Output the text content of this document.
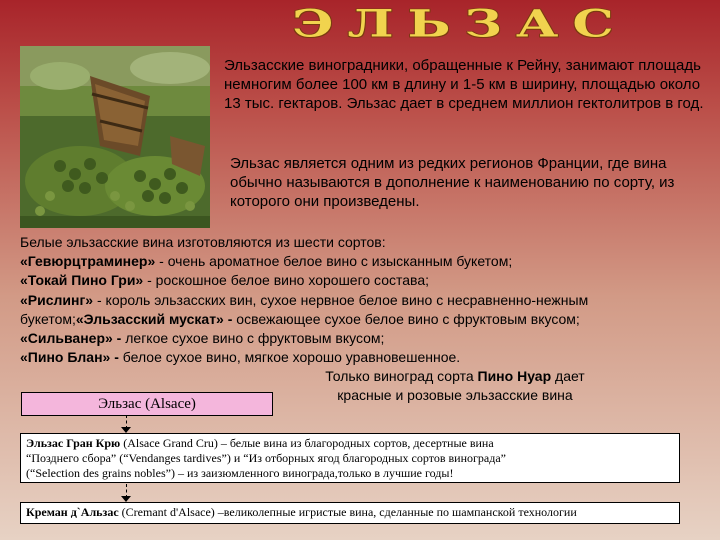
ЭЛЬЗАС
Эльзасские виноградники, обращенные к Рейну, занимают площадь немногим более 100 км в длину и 1-5 км в ширину, площадью около 13 тыс. гектаров. Эльзас дает в среднем миллион гектолитров в год.
Эльзас является одним из редких регионов Франции, где вина обычно называются в дополнение к наименованию по сорту, из которого они произведены.
Белые эльзасские вина изготовляются из шести сортов:
«Гевюрцтраминер» - очень ароматное белое вино с изысканным букетом;
«Токай Пино Гри» - роскошное белое вино хорошего состава;
«Рислинг» - король эльзасских вин, сухое нервное белое вино с несравненно-нежным букетом;«Эльзасский мускат» - освежающее сухое белое вино с фруктовым вкусом;
«Сильванер» - легкое сухое вино с фруктовым вкусом;
«Пино Блан» - белое сухое вино, мягкое хорошо уравновешенное.
Только виноград сорта Пино Нуар дает красные и розовые эльзасские вина
Эльзас (Alsace)
Эльзас Гран Крю (Alsace Grand Cru) – белые вина из благородных сортов, десертные вина
“Позднего сбора” (“Vendanges tardives”) и “Из отборных ягод благородных сортов винограда”
(“Selection des grains nobles”) – из заизюмленного винограда,только в лучшие годы!
Креман д`Альзас (Cremant d'Alsace) –великолепные игристые вина, сделанные по шампанской технологии
